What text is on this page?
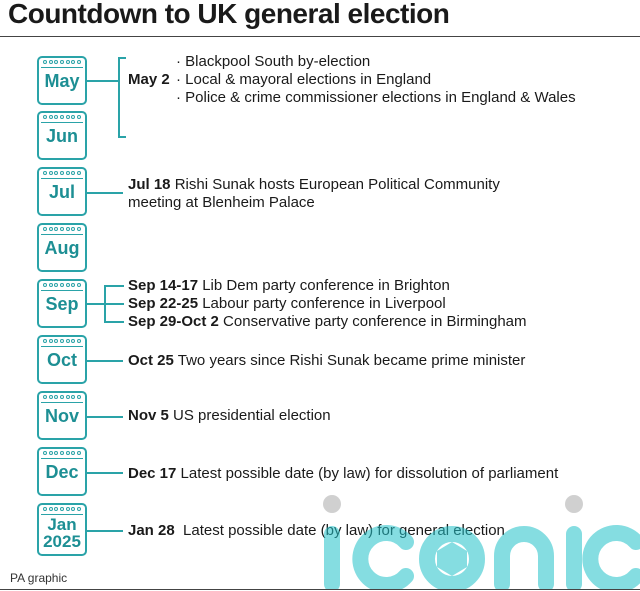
Countdown to UK general election
May
Jun
Jul
Aug
Sep
Oct
Nov
Dec
Jan 2025
May 2
· Blackpool South by-election
· Local & mayoral elections in England
· Police & crime commissioner elections in England & Wales
Jul 18 Rishi Sunak hosts European Political Community
meeting at Blenheim Palace
Sep 14-17 Lib Dem party conference in Brighton
Sep 22-25 Labour party conference in Liverpool
Sep 29-Oct 2 Conservative party conference in Birmingham
Oct 25 Two years since Rishi Sunak became prime minister
Nov 5 US presidential election
Dec 17 Latest possible date (by law) for dissolution of parliament
Jan 28 Latest possible date (by law) for general election
PA graphic
